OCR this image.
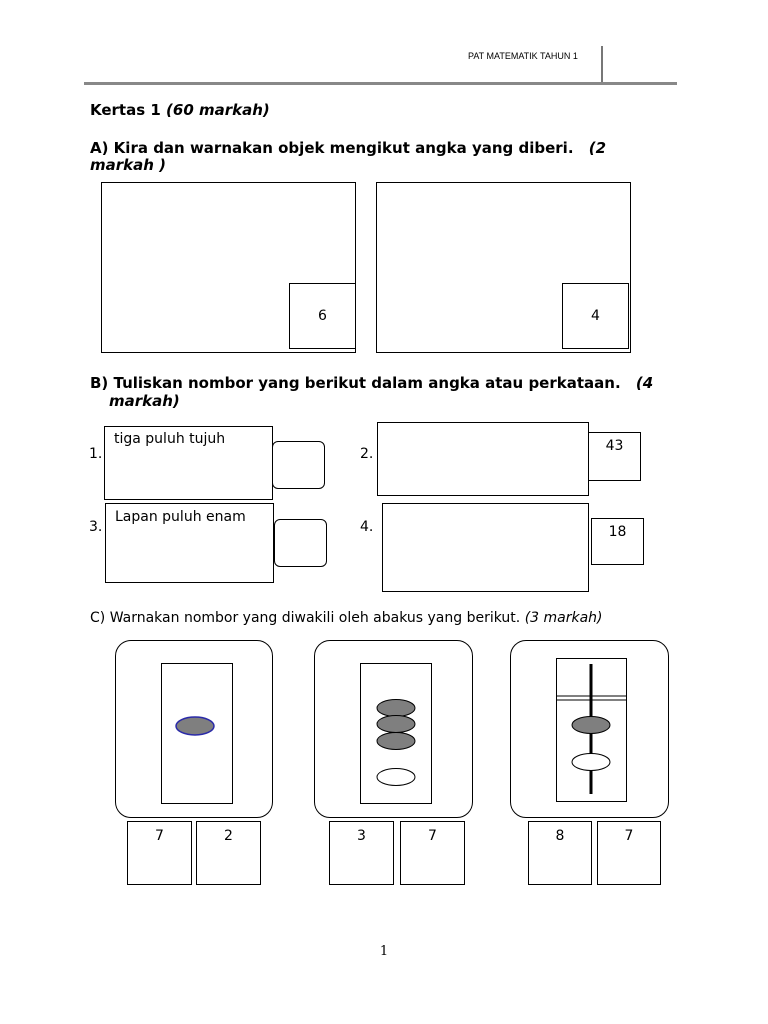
PAT MATEMATIK TAHUN 1
Kertas 1 (60 markah)
A) Kira dan warnakan objek mengikut angka yang diberi. (2
markah )
6	4
B) Tuliskan nombor yang berikut dalam angka atau perkataan. (4
markah)
1.
tiga puluh tujuh
2.	43
3.
Lapan puluh enam
4.	18
C) Warnakan nombor yang diwakili oleh abakus yang berikut. (3 markah)
7	2	3	7	8	7
1
